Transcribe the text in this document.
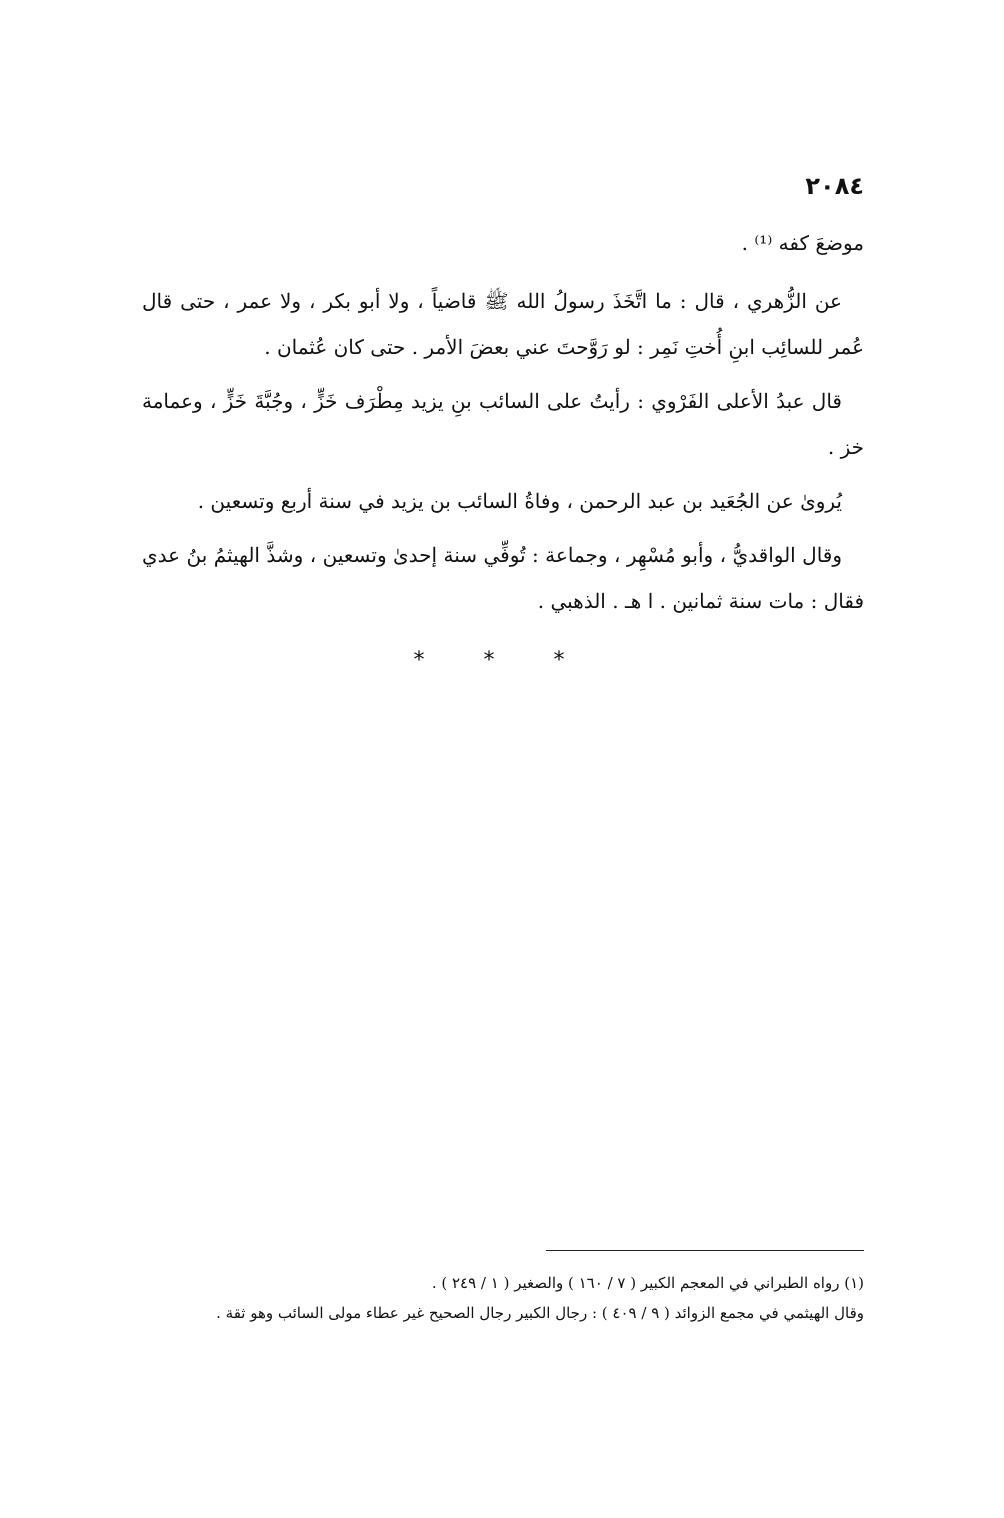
٢٠٨٤

موضعَ كفه ⁽¹⁾ .

عن الزُّهري ، قال : ما اتَّخَذَ رسولُ الله ﷺ قاضياً ، ولا أبو بكر ، ولا عمر ، حتى قال عُمر للسائِب ابنِ أُختِ نَمِر : لو رَوَّحتَ عني بعضَ الأمر . حتى كان عُثمان .

قال عبدُ الأعلى الفَرْوي : رأيتُ على السائب بنِ يزيد مِطْرَف خَزٍّ ، وجُبَّةَ خَزٍّ ، وعمامة خز .

يُروىٰ عن الجُعَيد بن عبد الرحمن ، وفاةُ السائب بن يزيد في سنة أربع وتسعين .

وقال الواقديُّ ، وأبو مُسْهِر ، وجماعة : تُوفِّي سنة إحدىٰ وتسعين ، وشذَّ الهيثمُ بنُ عدي فقال : مات سنة ثمانين . ا هـ . الذهبي .

* * *

(١) رواه الطبراني في المعجم الكبير ( ٧ / ١٦٠ ) والصغير ( ١ / ٢٤٩ ) .

وقال الهيثمي في مجمع الزوائد ( ٩ / ٤٠٩ ) : رجال الكبير رجال الصحيح غير عطاء مولى السائب وهو ثقة .
